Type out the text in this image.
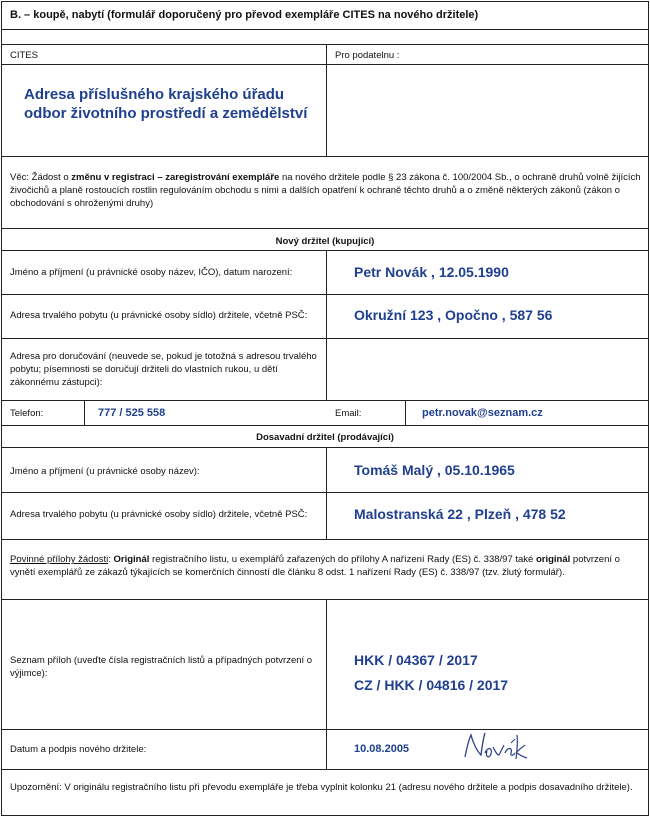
B. – koupě, nabytí (formulář doporučený pro převod exempláře CITES na nového držitele)
CITES	Pro podatelnu :
Adresa příslušného krajského úřadu
odbor životního prostředí a zemědělství
Věc: Žádost o změnu v registraci – zaregistrování exempláře na nového držitele podle § 23 zákona č. 100/2004 Sb., o ochraně druhů volně žijících živočichů a planě rostoucích rostlin regulováním obchodu s nimi a dalších opatření k ochraně těchto druhů a o změně některých zákonů (zákon o obchodování s ohroženými druhy)
Nový držitel (kupující)
Jméno a příjmení (u právnické osoby název, IČO), datum narození:	Petr Novák , 12.05.1990
Adresa trvalého pobytu (u právnické osoby sídlo) držitele, včetně PSČ:	Okružní 123 , Opočno , 587 56
Adresa pro doručování (neuvede se, pokud je totožná s adresou trvalého pobytu; písemnosti se doručují držiteli do vlastních rukou, u dětí zákonnému zástupci):
Telefon:	777 / 525 558	Email:	petr.novak@seznam.cz
Dosavadní držitel (prodávající)
Jméno a příjmení (u právnické osoby název):	Tomáš Malý , 05.10.1965
Adresa trvalého pobytu (u právnické osoby sídlo) držitele, včetně PSČ:	Malostranská 22 , Plzeň , 478 52
Povinné přílohy žádosti: Originál registračního listu, u exemplářů zařazených do přílohy A nařízení Rady (ES) č. 338/97 také originál potvrzení o vynětí exemplářů ze zákazů týkajících se komerčních činností dle článku 8 odst. 1 nařízení Rady (ES) č. 338/97 (tzv. žlutý formulář).
Seznam příloh (uveďte čísla registračních listů a případných potvrzení o výjimce):
HKK / 04367 / 2017
CZ / HKK / 04816 / 2017
Datum a podpis nového držitele:	10.08.2005
Upozornění: V originálu registračního listu při převodu exempláře je třeba vyplnit kolonku 21 (adresu nového držitele a podpis dosavadního držitele).
